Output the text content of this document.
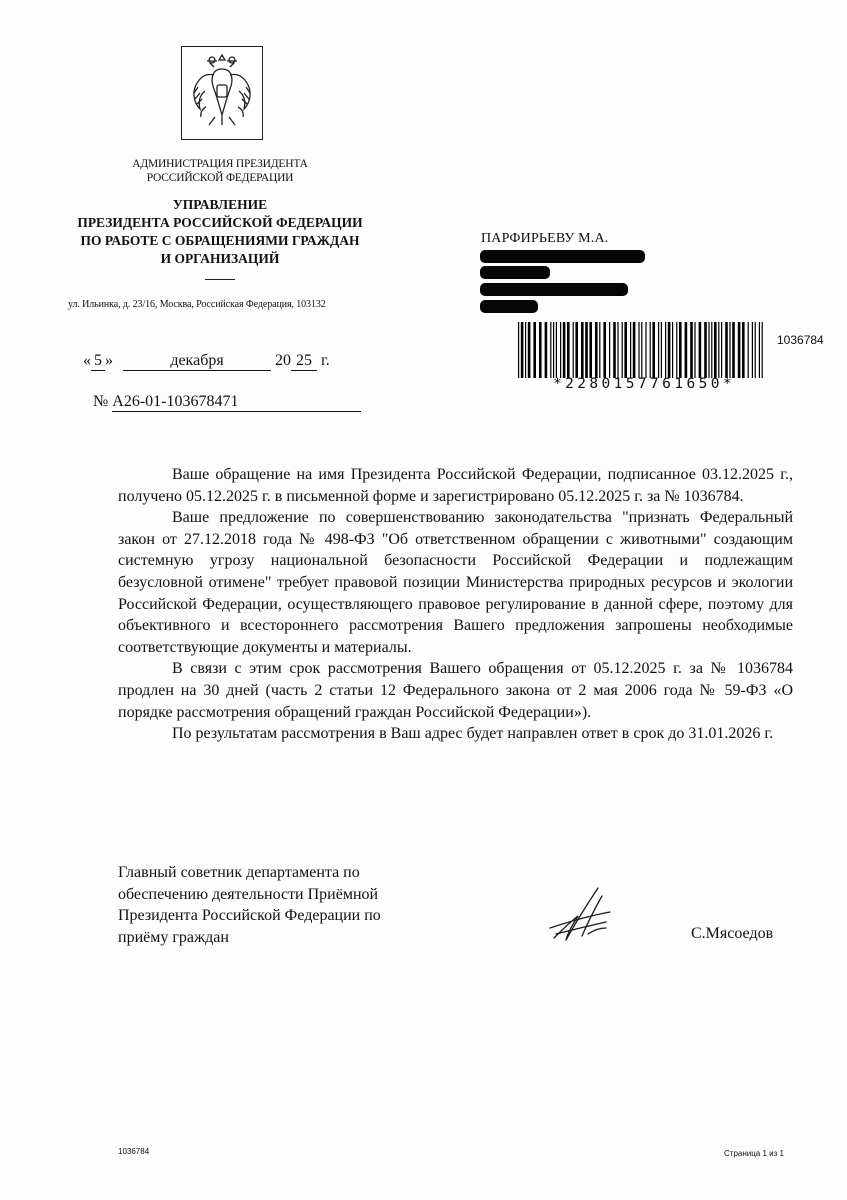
АДМИНИСТРАЦИЯ ПРЕЗИДЕНТА
РОССИЙСКОЙ ФЕДЕРАЦИИ
УПРАВЛЕНИЕ
ПРЕЗИДЕНТА РОССИЙСКОЙ ФЕДЕРАЦИИ
ПО РАБОТЕ С ОБРАЩЕНИЯМИ ГРАЖДАН
И ОРГАНИЗАЦИЙ
ул. Ильинка, д. 23/16, Москва, Российская Федерация, 103132
« 5 »	декабря	20 25 г.
№ А26-01-103678471
ПАРФИРЬЕВУ М.А.
*2280157761650*
1036784

Ваше обращение на имя Президента Российской Федерации, подписанное 03.12.2025 г., получено 05.12.2025 г. в письменной форме и зарегистрировано 05.12.2025 г. за № 1036784.

Ваше предложение по совершенствованию законодательства "признать Федеральный закон от 27.12.2018 года № 498-ФЗ "Об ответственном обращении с животными" создающим системную угрозу национальной безопасности Российской Федерации и подлежащим безусловной отимене" требует правовой позиции Министерства природных ресурсов и экологии Российской Федерации, осуществляющего правовое регулирование в данной сфере, поэтому для объективного и всестороннего рассмотрения Вашего предложения запрошены необходимые соответствующие документы и материалы.

В связи с этим срок рассмотрения Вашего обращения от 05.12.2025 г. за № 1036784 продлен на 30 дней (часть 2 статьи 12 Федерального закона от 2 мая 2006 года № 59-ФЗ «О порядке рассмотрения обращений граждан Российской Федерации»).

По результатам рассмотрения в Ваш адрес будет направлен ответ в срок до 31.01.2026 г.

Главный советник департамента по
обеспечению деятельности Приёмной
Президента Российской Федерации по
приёму граждан	С.Мясоедов
1036784	Страница 1 из 1
